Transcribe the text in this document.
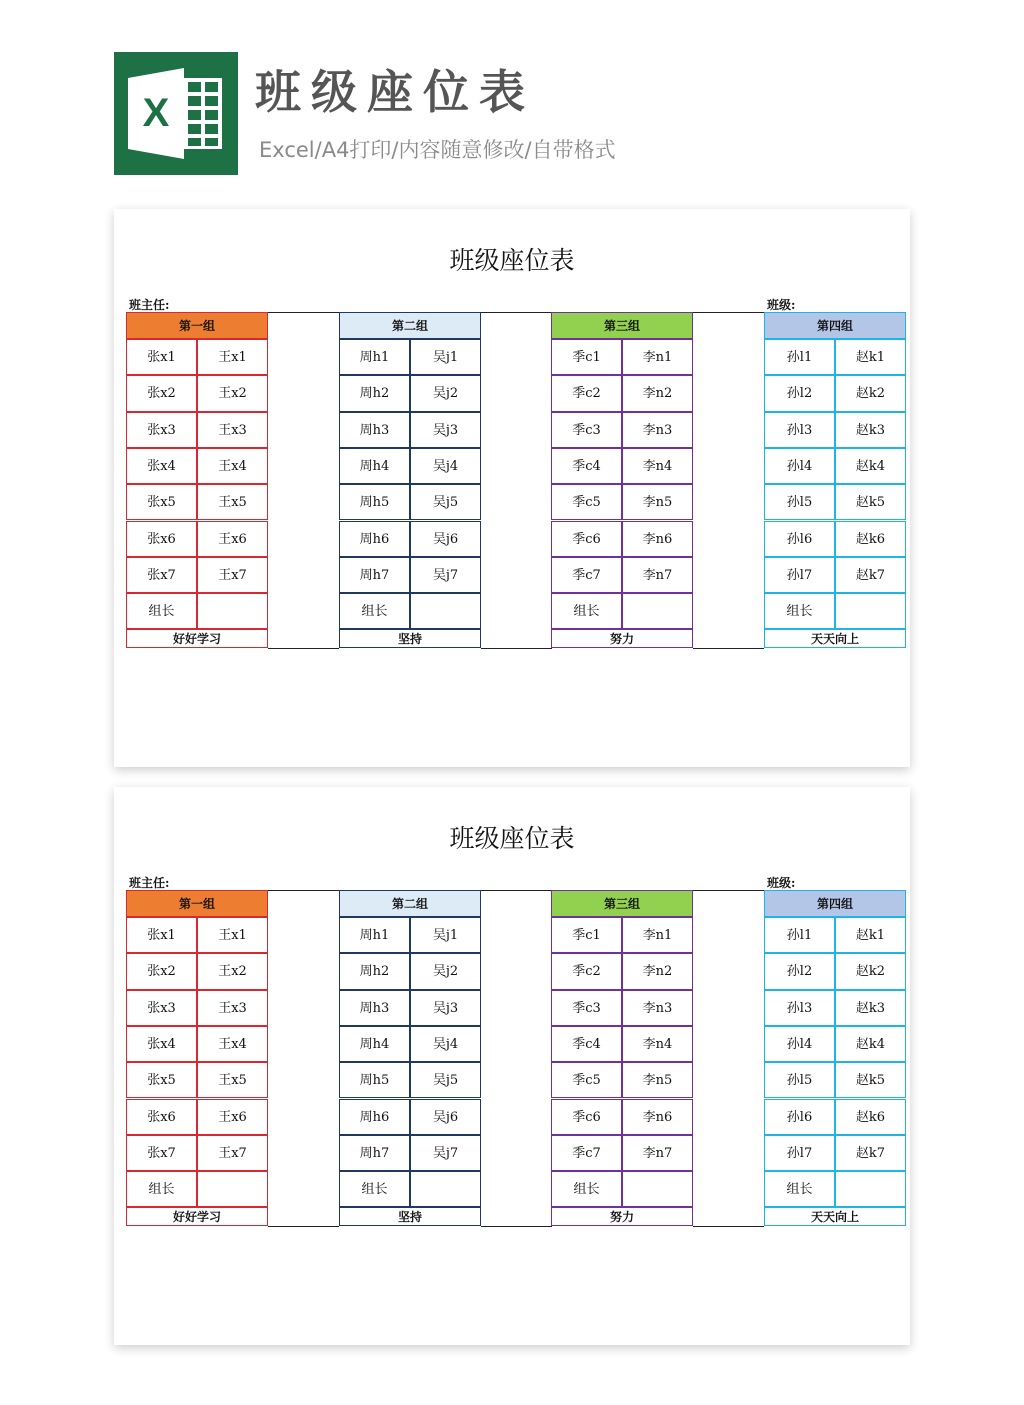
X 班级座位表
Excel/A4打印/内容随意修改/自带格式
班级座位表
班主任:	班级:
第一组
张x1	王x1
张x2	王x2
张x3	王x3
张x4	王x4
张x5	王x5
张x6	王x6
张x7	王x7
组长
好好学习
第二组
周h1	吴j1
周h2	吴j2
周h3	吴j3
周h4	吴j4
周h5	吴j5
周h6	吴j6
周h7	吴j7
组长
坚持
第三组
季c1	李n1
季c2	李n2
季c3	李n3
季c4	李n4
季c5	李n5
季c6	李n6
季c7	李n7
组长
努力
第四组
孙l1	赵k1
孙l2	赵k2
孙l3	赵k3
孙l4	赵k4
孙l5	赵k5
孙l6	赵k6
孙l7	赵k7
组长
天天向上
班级座位表
班主任:	班级:
第一组
张x1	王x1
张x2	王x2
张x3	王x3
张x4	王x4
张x5	王x5
张x6	王x6
张x7	王x7
组长
好好学习
第二组
周h1	吴j1
周h2	吴j2
周h3	吴j3
周h4	吴j4
周h5	吴j5
周h6	吴j6
周h7	吴j7
组长
坚持
第三组
季c1	李n1
季c2	李n2
季c3	李n3
季c4	李n4
季c5	李n5
季c6	李n6
季c7	李n7
组长
努力
第四组
孙l1	赵k1
孙l2	赵k2
孙l3	赵k3
孙l4	赵k4
孙l5	赵k5
孙l6	赵k6
孙l7	赵k7
组长
天天向上
